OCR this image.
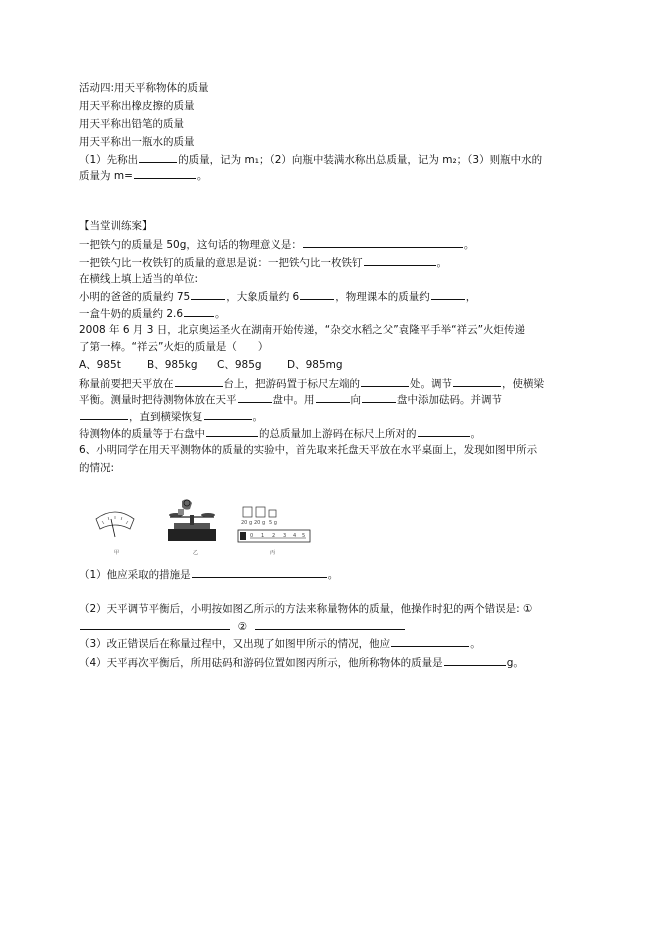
活动四:用天平称物体的质量
用天平称出橡皮擦的质量
用天平称出铅笔的质量
用天平称出一瓶水的质量
（1）先称出	的质量，记为 m₁；（2）向瓶中装满水称出总质量，记为 m₂；（3）则瓶中水的
质量为 m=	。
【当堂训练案】
一把铁勺的质量是 50g，这句话的物理意义是：	。
一把铁勺比一枚铁钉的质量的意思是说：一把铁勺比一枚铁钉	。
在横线上填上适当的单位:
小明的爸爸的质量约 75	，大象质量约 6	，物理课本的质量约	，
一盒牛奶的质量约 2.6	。
2008 年 6 月 3 日，北京奥运圣火在湖南开始传递，“杂交水稻之父”袁隆平手举“祥云”火炬传递
了第一棒。“祥云”火炬的质量是（　　）
A、985t B、985kg C、985g D、985mg
称量前要把天平放在	台上，把游码置于标尺左端的	处。调节	，使横梁
平衡。测量时把待测物体放在天平	盘中。用	向	盘中添加砝码。并调节
，直到横梁恢复	。
待测物体的质量等于右盘中	的总质量加上游码在标尺上所对的	。
6、小明同学在用天平测物体的质量的实验中，首先取来托盘天平放在水平桌面上，发现如图甲所示
的情况:
甲	乙
20 g 20 g 5 g
0 1 2 3 4 5
丙
（1）他应采取的措施是	。
（2）天平调节平衡后，小明按如图乙所示的方法来称量物体的质量，他操作时犯的两个错误是: ①
②
（3）改正错误后在称量过程中，又出现了如图甲所示的情况，他应	。
（4）天平再次平衡后，所用砝码和游码位置如图丙所示，他所称物体的质量是	g。
